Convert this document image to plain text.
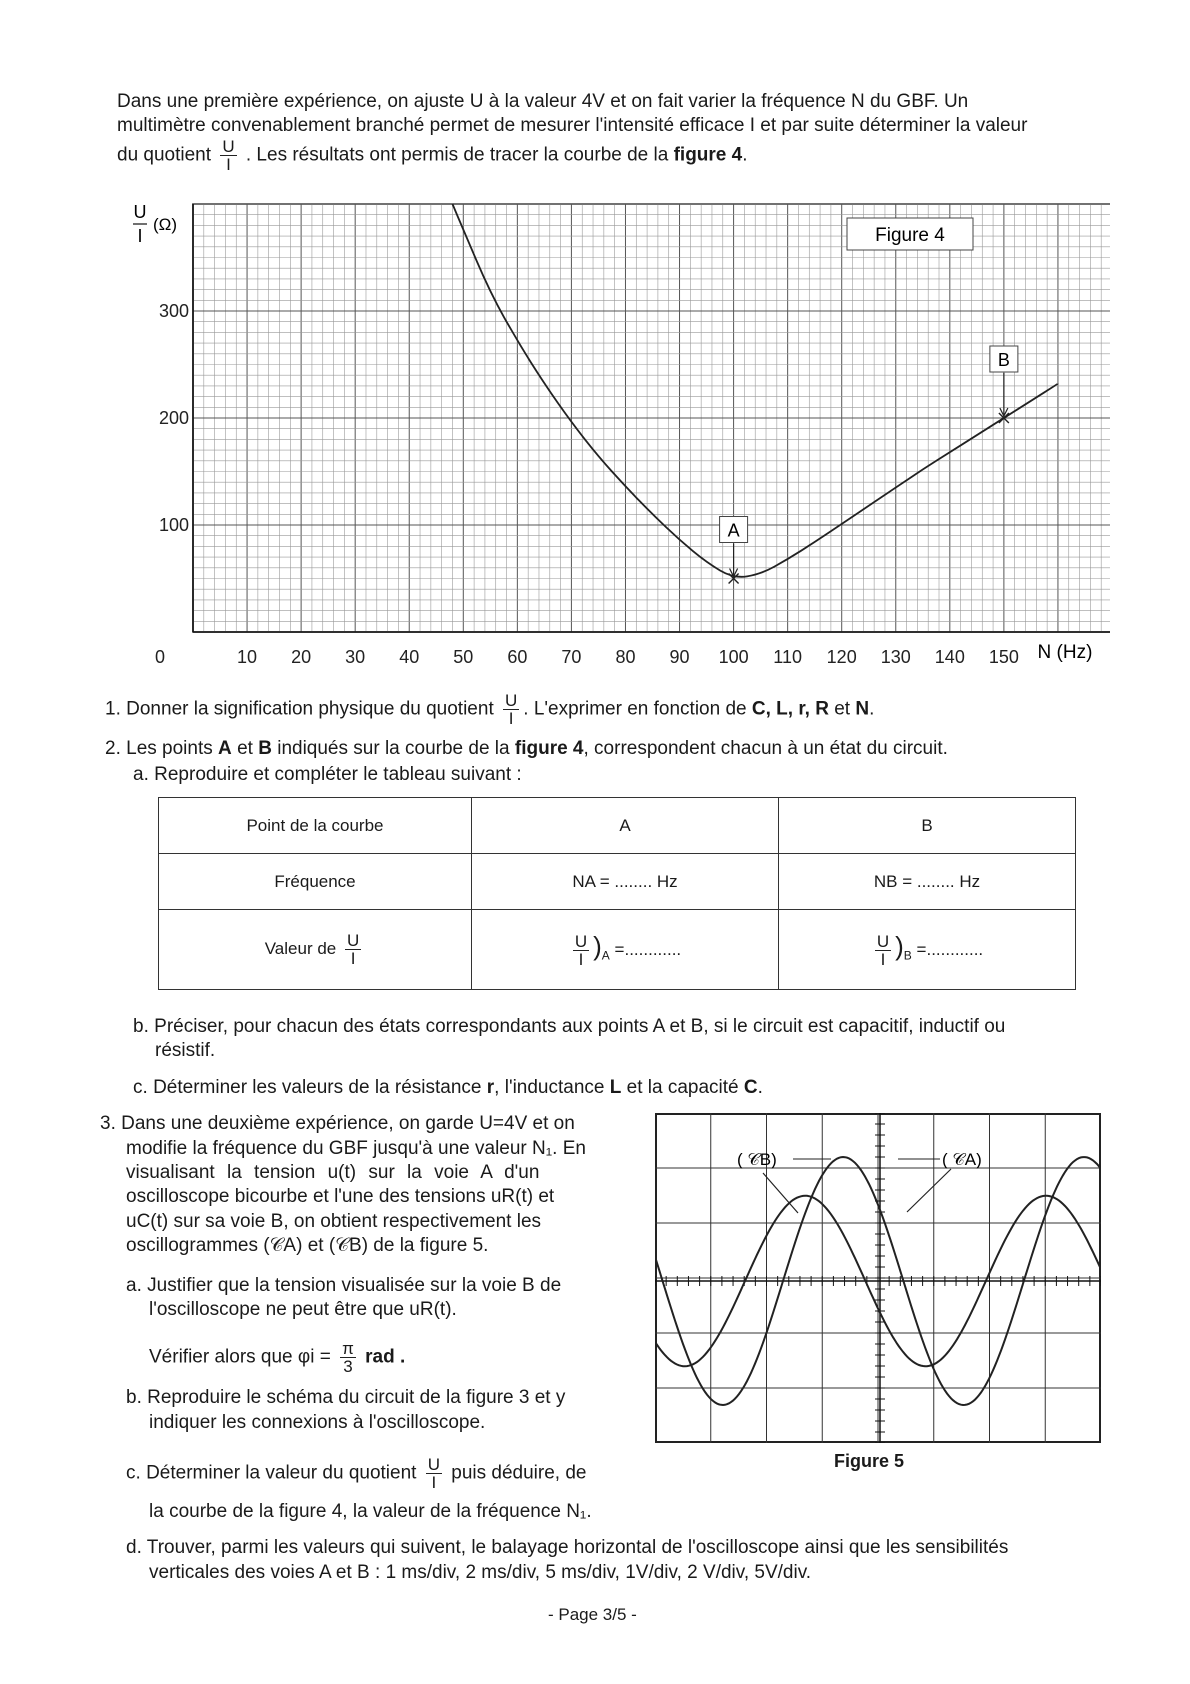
Dans une première expérience, on ajuste U à la valeur 4V et on fait varier la fréquence N du GBF. Un
multimètre convenablement branché permet de mesurer l'intensité efficace I et par suite déterminer la valeur
du quotient $\frac{U}{I}$ . Les résultats ont permis de tracer la courbe de la figure 4.
A
B
0	10 20 30 40 50 60 70 80 90 100 110 120 130 140 150
100
200
300
U
I
(Ω)
Figure 4
N (Hz)
1. Donner la signification physique du quotient $\frac{U}{I}$ . L'exprimer en fonction de C, L, r, R et N.
2. Les points A et B indiqués sur la courbe de la figure 4, correspondent chacun à un état du circuit.
a. Reproduire et compléter le tableau suivant :
Point de la courbe	A	B
Fréquence	NA = ........ Hz	NB = ........ Hz
Valeur de $\frac{U}{I}$	$\frac{U}{I} )_A$ =............	$\frac{U}{I} )_B$ =............
b. Préciser, pour chacun des états correspondants aux points A et B, si le circuit est capacitif, inductif ou
résistif.
c. Déterminer les valeurs de la résistance r, l'inductance L et la capacité C.
3. Dans une deuxième expérience, on garde U=4V et on
modifie la fréquence du GBF jusqu'à une valeur N₁. En
visualisant la tension u(t) sur la voie A d'un
oscilloscope bicourbe et l'une des tensions uR(t) et
uC(t) sur sa voie B, on obtient respectivement les
oscillogrammes (𝒞A) et (𝒞B) de la figure 5.
a. Justifier que la tension visualisée sur la voie B de
l'oscilloscope ne peut être que uR(t).
Vérifier alors que $\varphi i = \frac{\pi}{3}$ rad .
b. Reproduire le schéma du circuit de la figure 3 et y
indiquer les connexions à l'oscilloscope.
c. Déterminer la valeur du quotient $\frac{U}{I}$ puis déduire, de
la courbe de la figure 4, la valeur de la fréquence N₁.
d. Trouver, parmi les valeurs qui suivent, le balayage horizontal de l'oscilloscope ainsi que les sensibilités
verticales des voies A et B : 1 ms/div, 2 ms/div, 5 ms/div, 1V/div, 2 V/div, 5V/div.
( 𝒞B)	( 𝒞A)
Figure 5
- Page 3/5 -
